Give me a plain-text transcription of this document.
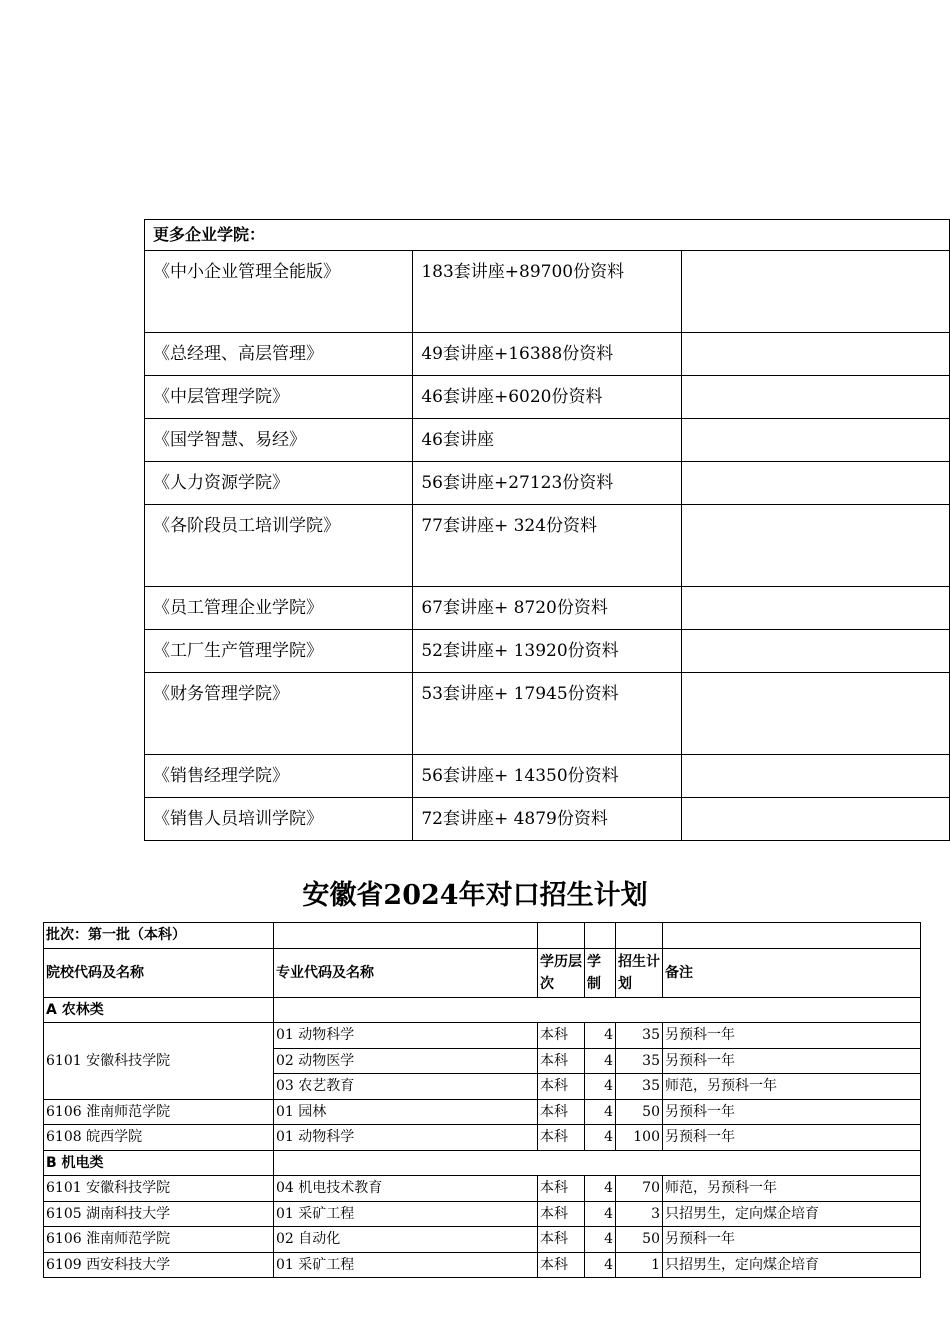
更多企业学院：		
《中小企业管理全能版》	183套讲座+89700份资料	
《总经理、高层管理》	49套讲座+16388份资料	
《中层管理学院》	46套讲座+6020份资料	
《国学智慧、易经》	46套讲座	
《人力资源学院》	56套讲座+27123份资料	
《各阶段员工培训学院》	77套讲座+ 324份资料	
《员工管理企业学院》	67套讲座+ 8720份资料	
《工厂生产管理学院》	52套讲座+ 13920份资料	
《财务管理学院》	53套讲座+ 17945份资料	
《销售经理学院》	56套讲座+ 14350份资料	
《销售人员培训学院》	72套讲座+ 4879份资料	
安徽省2024年对口招生计划
批次：第一批（本科）					
院校代码及名称	专业代码及名称	学历层次	学制	招生计划	备注
A 农林类					
6101 安徽科技学院	01 动物科学	本科	4	35	另预科一年
	02 动物医学	本科	4	35	另预科一年
	03 农艺教育	本科	4	35	师范，另预科一年
6106 淮南师范学院	01 园林	本科	4	50	另预科一年
6108 皖西学院	01 动物科学	本科	4	100	另预科一年
B 机电类					
6101 安徽科技学院	04 机电技术教育	本科	4	70	师范，另预科一年
6105 湖南科技大学	01 采矿工程	本科	4	3	只招男生，定向煤企培育
6106 淮南师范学院	02 自动化	本科	4	50	另预科一年
6109 西安科技大学	01 采矿工程	本科	4	1	只招男生，定向煤企培育
